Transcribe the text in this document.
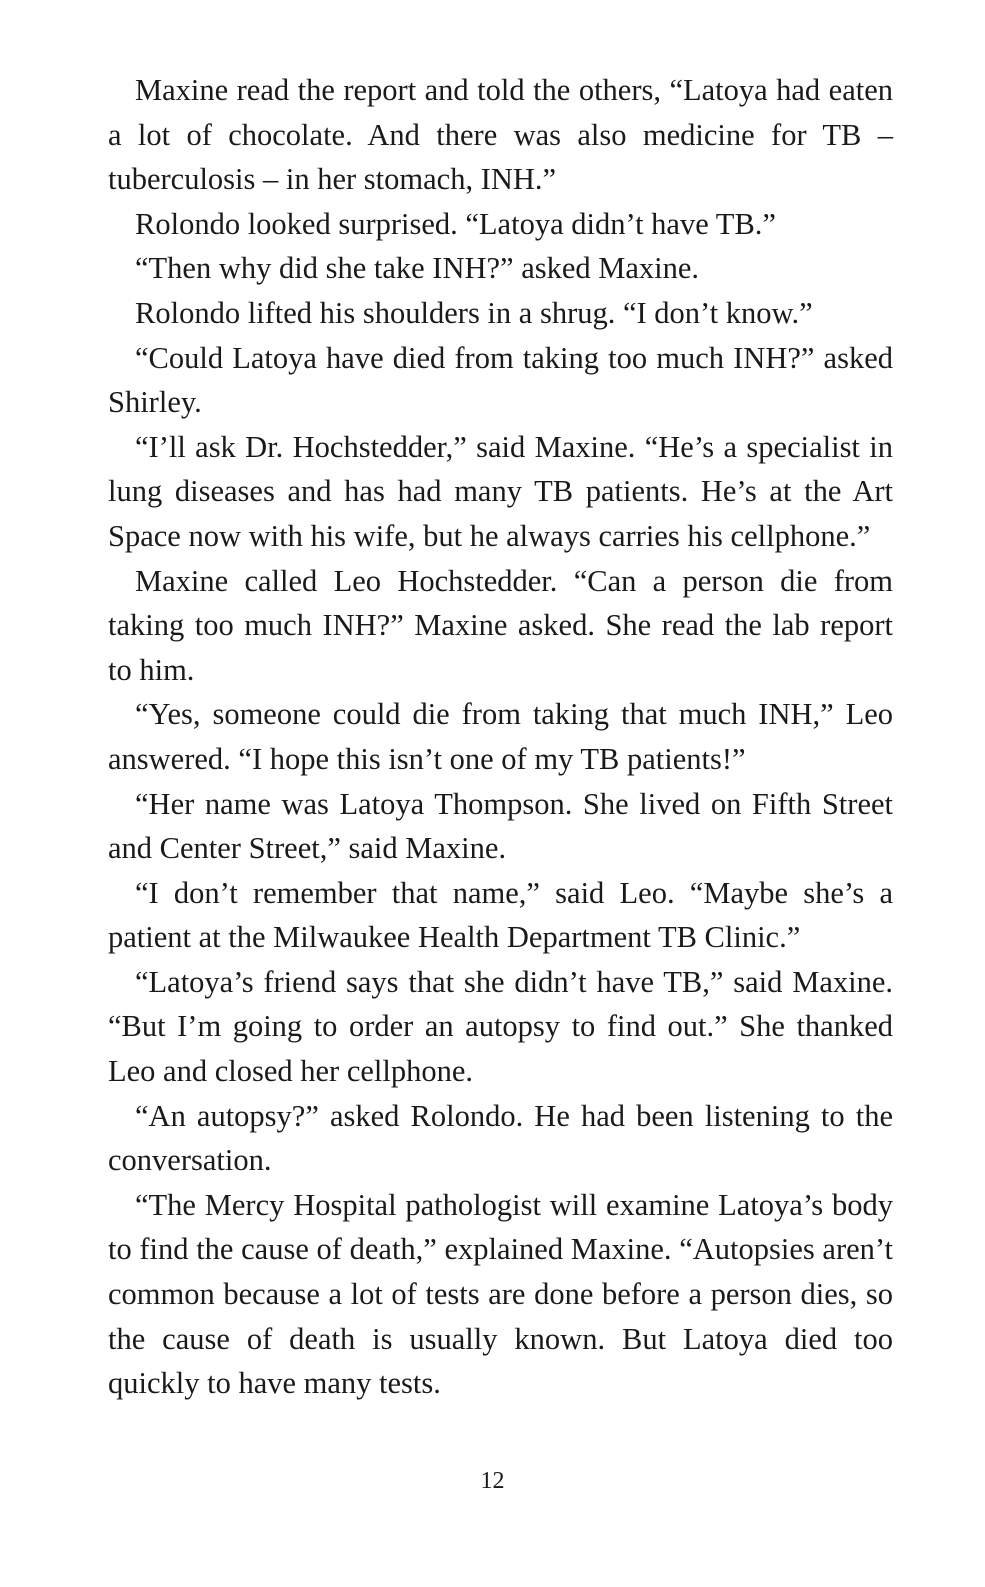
Maxine read the report and told the others, “Latoya had eaten a lot of chocolate. And there was also medicine for TB – tuberculosis – in her stomach, INH.”

Rolondo looked surprised. “Latoya didn’t have TB.”

“Then why did she take INH?” asked Maxine.

Rolondo lifted his shoulders in a shrug. “I don’t know.”

“Could Latoya have died from taking too much INH?” asked Shirley.

“I’ll ask Dr. Hochstedder,” said Maxine. “He’s a specialist in lung diseases and has had many TB patients. He’s at the Art Space now with his wife, but he always carries his cellphone.”

Maxine called Leo Hochstedder. “Can a person die from taking too much INH?” Maxine asked. She read the lab report to him.

“Yes, someone could die from taking that much INH,” Leo answered. “I hope this isn’t one of my TB patients!”

“Her name was Latoya Thompson. She lived on Fifth Street and Center Street,” said Maxine.

“I don’t remember that name,” said Leo. “Maybe she’s a patient at the Milwaukee Health Department TB Clinic.”

“Latoya’s friend says that she didn’t have TB,” said Maxine. “But I’m going to order an autopsy to find out.” She thanked Leo and closed her cellphone.

“An autopsy?” asked Rolondo. He had been listening to the conversation.

“The Mercy Hospital pathologist will examine Latoya’s body to find the cause of death,” explained Maxine. “Autopsies aren’t common because a lot of tests are done before a person dies, so the cause of death is usually known. But Latoya died too quickly to have many tests.

12
